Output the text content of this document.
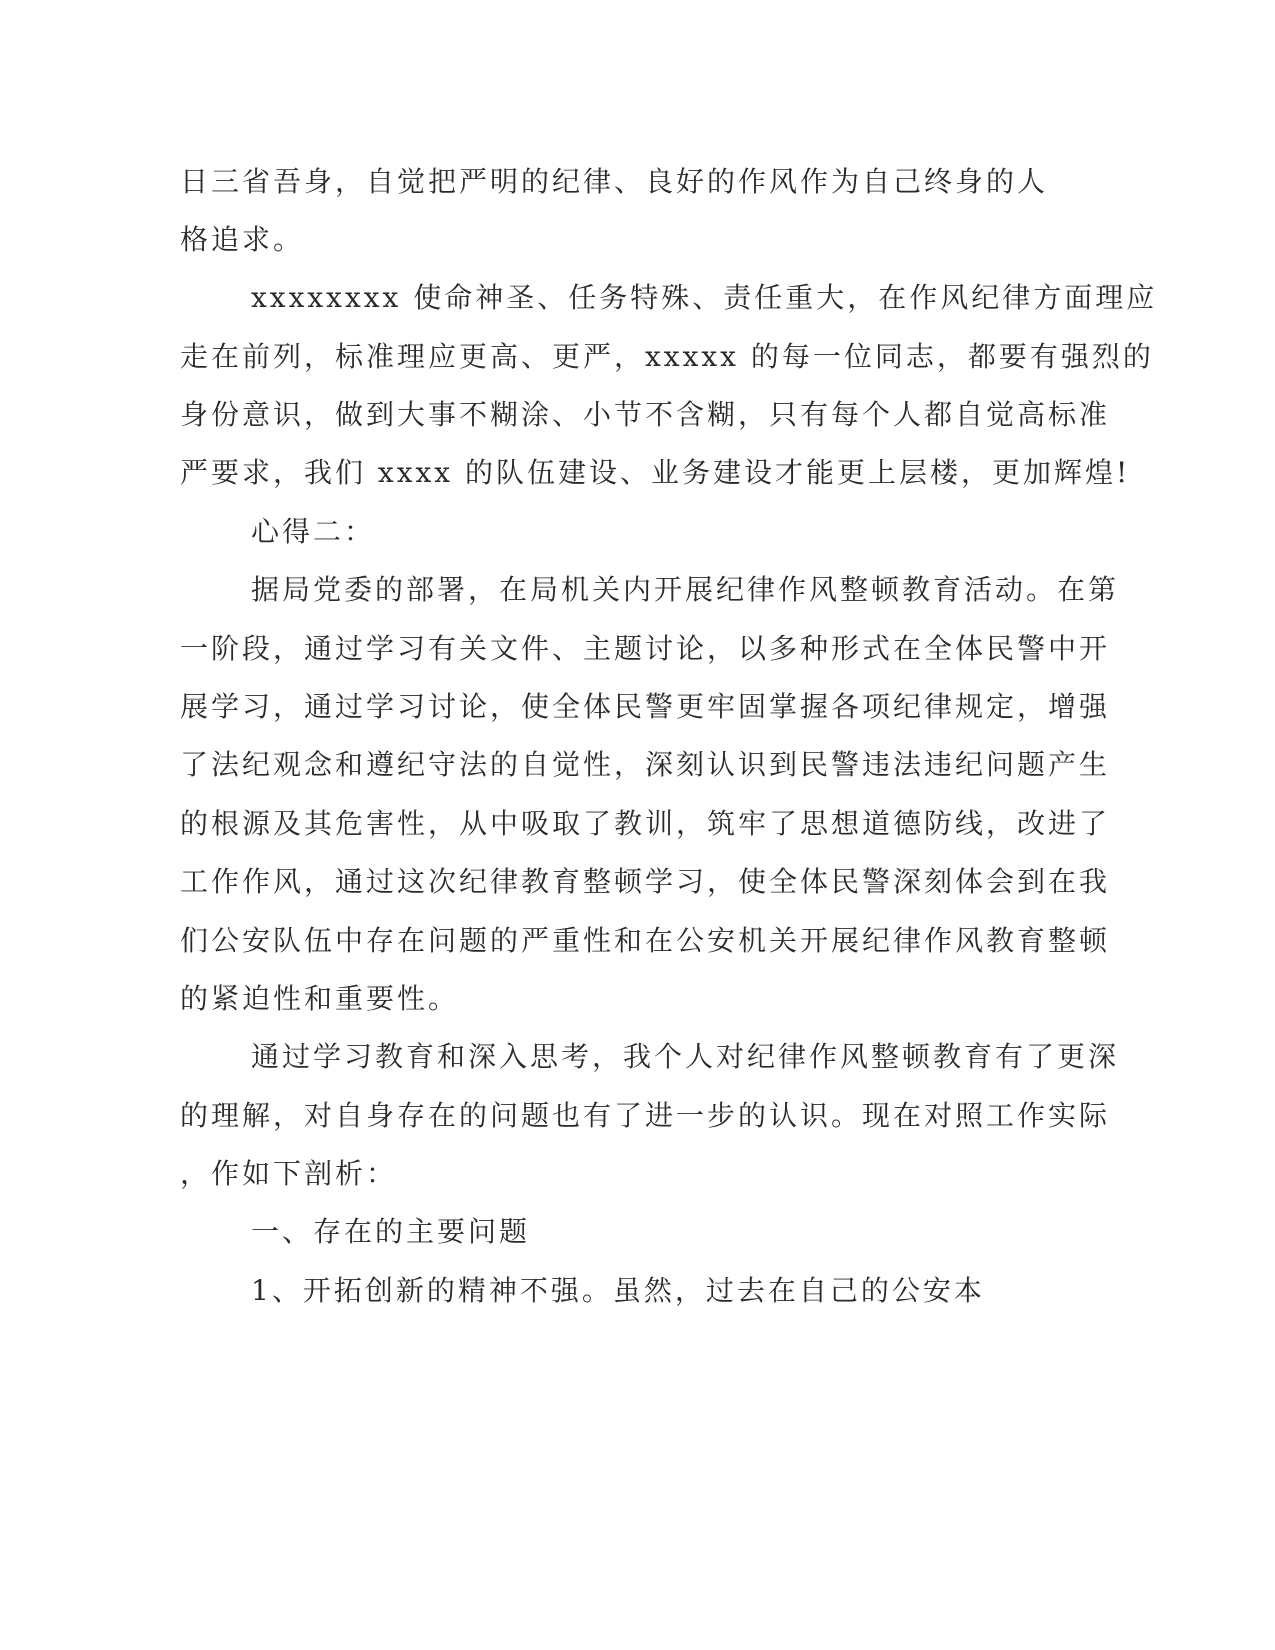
日三省吾身，自觉把严明的纪律、良好的作风作为自己终身的人
格追求。
xxxxxxxx 使命神圣、任务特殊、责任重大，在作风纪律方面理应
走在前列，标准理应更高、更严，xxxxx 的每一位同志，都要有强烈的
身份意识，做到大事不糊涂、小节不含糊，只有每个人都自觉高标准
严要求，我们 xxxx 的队伍建设、业务建设才能更上层楼，更加辉煌!
心得二：
据局党委的部署，在局机关内开展纪律作风整顿教育活动。在第
一阶段，通过学习有关文件、主题讨论，以多种形式在全体民警中开
展学习，通过学习讨论，使全体民警更牢固掌握各项纪律规定，增强
了法纪观念和遵纪守法的自觉性，深刻认识到民警违法违纪问题产生
的根源及其危害性，从中吸取了教训，筑牢了思想道德防线，改进了
工作作风，通过这次纪律教育整顿学习，使全体民警深刻体会到在我
们公安队伍中存在问题的严重性和在公安机关开展纪律作风教育整顿
的紧迫性和重要性。
通过学习教育和深入思考，我个人对纪律作风整顿教育有了更深
的理解，对自身存在的问题也有了进一步的认识。现在对照工作实际
，作如下剖析：
一、存在的主要问题
1、开拓创新的精神不强。虽然，过去在自己的公安本
